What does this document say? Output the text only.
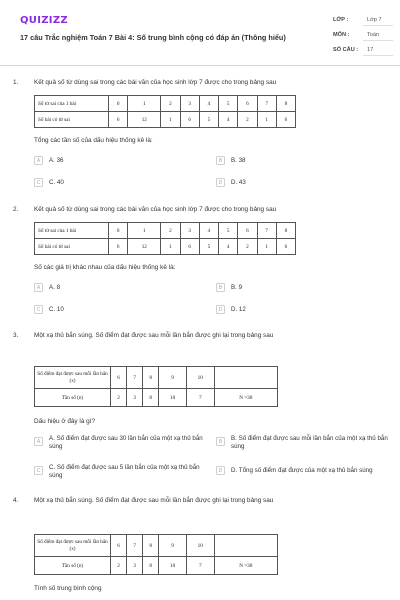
QUIZIZZ
17 câu Trắc nghiệm Toán 7 Bài 4: Số trung bình cộng có đáp án (Thông hiểu)
LỚP :	Lớp 7
MÔN :	Toán
SỐ CÂU : 17
1. Kết quả số từ dùng sai trong các bài văn của học sinh lớp 7 được cho trong bảng sau
Số từ sai của 1 bài	0	1	2	3	4	5	6	7	8
Số bài có từ sai	6	12	1	6	5	4	2	1	6
Tổng các tần số của dấu hiệu thống kê là:
A	A. 36	B	B. 38
C	C. 40	D	D. 43
2. Kết quả số từ dùng sai trong các bài văn của học sinh lớp 7 được cho trong bảng sau
Số từ sai của 1 bài	0	1	2	3	4	5	6	7	8
Số bài có từ sai	6	12	1	6	5	4	2	1	6
Số các giá trị khác nhau của dấu hiệu thống kê là:
A	A. 8	B	B. 9
C	C. 10	D	D. 12
3. Một xạ thủ bắn súng. Số điểm đạt được sau mỗi lần bắn được ghi lại trong bảng sau
Số điểm đạt được sau mỗi lần bắn (x)	6	7	8	9	10	
Tần số (n)	2	3	8	10	7	N =30
Dấu hiệu ở đây là gì?
A	A. Số điểm đạt được sau 30 lần bắn của một xạ thủ bắn súng
B	B. Số điểm đạt được sau mỗi lần bắn của một xạ thủ bắn súng
C	C. Số điểm đạt được sau 5 lần bắn của một xạ thủ bắn súng
D	D. Tổng số điểm đạt được của một xạ thủ bắn súng
4. Một xạ thủ bắn súng. Số điểm đạt được sau mỗi lần bắn được ghi lại trong bảng sau
Số điểm đạt được sau mỗi lần bắn (x)	6	7	8	9	10	
Tần số (n)	2	3	8	10	7	N =30
Tính số trung bình cộng
